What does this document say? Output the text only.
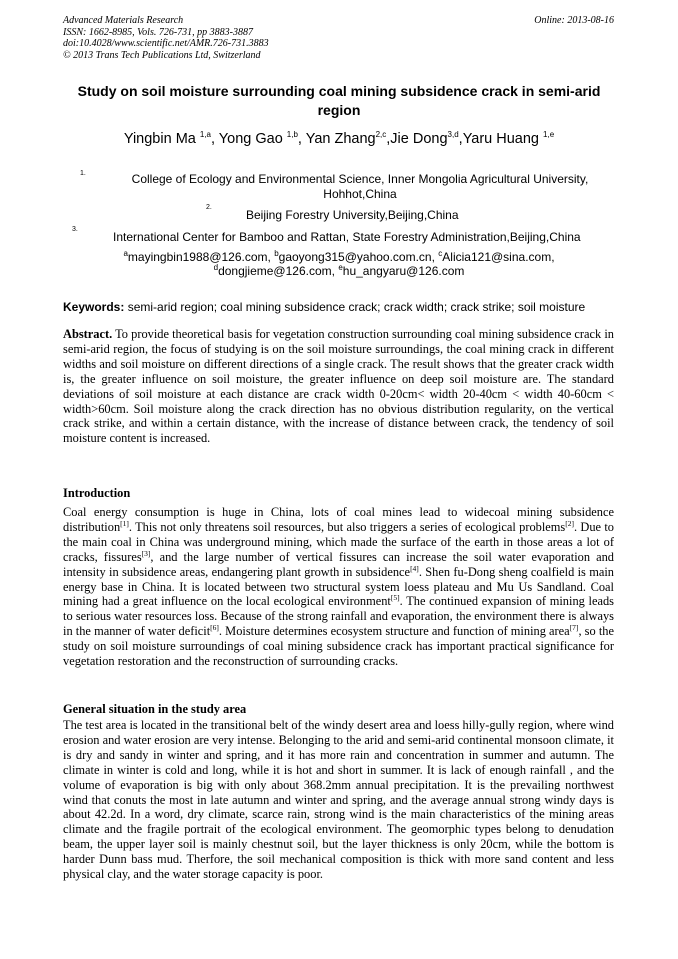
Advanced Materials Research
ISSN: 1662-8985, Vols. 726-731, pp 3883-3887
doi:10.4028/www.scientific.net/AMR.726-731.3883
© 2013 Trans Tech Publications Ltd, Switzerland
Online: 2013-08-16
Study on soil moisture surrounding coal mining subsidence crack in semi-arid region
Yingbin Ma $^{1,a}$, Yong Gao $^{1,b}$, Yan Zhang$^{2,c}$,Jie Dong$^{3,d}$,Yaru Huang $^{1,e}$
1.	College of Ecology and Environmental Science, Inner Mongolia Agricultural University,
Hohhot,China
2.
Beijing Forestry University,Beijing,China
3.
International Center for Bamboo and Rattan, State Forestry Administration,Beijing,China
$^a$mayingbin1988@126.com, $^b$gaoyong315@yahoo.com.cn, $^c$Alicia121@sina.com,
$^d$dongjieme@126.com, $^e$hu_angyaru@126.com
Keywords: semi-arid region; coal mining subsidence crack; crack width; crack strike; soil moisture
Abstract. To provide theoretical basis for vegetation construction surrounding coal mining subsidence crack in semi-arid region, the focus of studying is on the soil moisture surroundings, the coal mining crack in different widths and soil moisture on different directions of a single crack. The result shows that the greater crack width is, the greater influence on soil moisture, the greater influence on deep soil moisture are. The standard deviations of soil moisture at each distance are crack width 0-20cm< width 20-40cm < width 40-60cm < width>60cm. Soil moisture along the crack direction has no obvious distribution regularity, on the vertical crack strike, and within a certain distance, with the increase of distance between crack, the tendency of soil moisture content is increased.
Introduction
Coal energy consumption is huge in China, lots of coal mines lead to widecoal mining subsidence distribution[1]. This not only threatens soil resources, but also triggers a series of ecological problems[2]. Due to the main coal in China was underground mining, which made the surface of the earth in those areas a lot of cracks, fissures[3], and the large number of vertical fissures can increase the soil water evaporation and intensity in subsidence areas, endangering plant growth in subsidence[4]. Shen fu-Dong sheng coalfield is main energy base in China. It is located between two structural system loess plateau and Mu Us Sandland. Coal mining had a great influence on the local ecological environment[5]. The continued expansion of mining leads to serious water resources loss. Because of the strong rainfall and evaporation, the environment there is always in the manner of water deficit[6]. Moisture determines ecosystem structure and function of mining area[7], so the study on soil moisture surroundings of coal mining subsidence crack has important practical significance for vegetation restoration and the reconstruction of surrounding cracks.
General situation in the study area
The test area is located in the transitional belt of the windy desert area and loess hilly-gully region, where wind erosion and water erosion are very intense. Belonging to the arid and semi-arid continental monsoon climate, it is dry and sandy in winter and spring, and it has more rain and concentration in summer and autumn. The climate in winter is cold and long, while it is hot and short in summer. It is lack of enough rainfall , and the volume of evaporation is big with only about 368.2mm annual precipitation. It is the prevailing northwest wind that conuts the most in late autumn and winter and spring, and the average annual strong windy days is about 42.2d. In a word, dry climate, scarce rain, strong wind is the main characteristics of the mining areas climate and the fragile portrait of the ecological environment. The geomorphic types belong to denudation beam, the upper layer soil is mainly chestnut soil, but the layer thickness is only 20cm, while the bottom is harder Dunn bass mud. Therfore, the soil mechanical composition is thick with more sand content and less physical clay, and the water storage capacity is poor.
